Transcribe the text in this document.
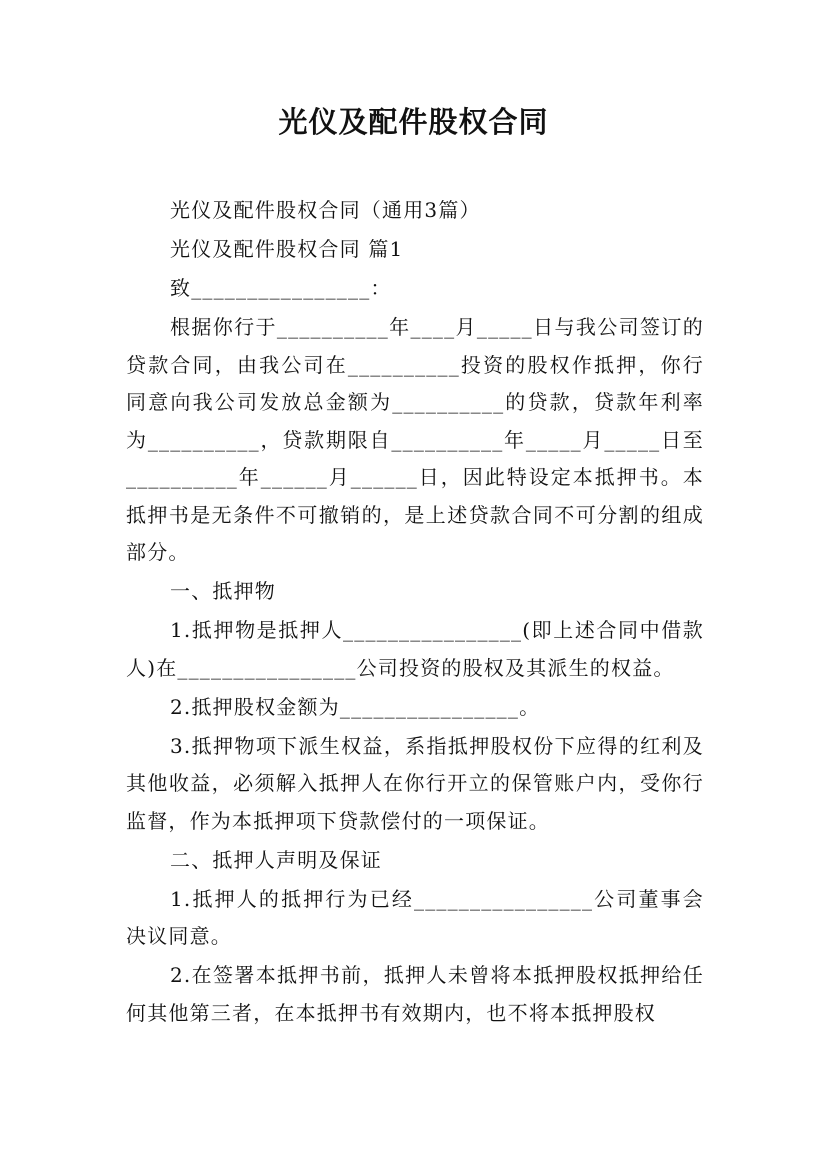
光仪及配件股权合同

光仪及配件股权合同（通用3篇）

光仪及配件股权合同 篇1

致________________：

根据你行于__________年____月_____日与我公司签订的贷款合同，由我公司在__________投资的股权作抵押，你行同意向我公司发放总金额为__________的贷款，贷款年利率为__________，贷款期限自__________年_____月_____日至__________年______月______日，因此特设定本抵押书。本抵押书是无条件不可撤销的，是上述贷款合同不可分割的组成部分。

一、抵押物

1.抵押物是抵押人________________(即上述合同中借款人)在________________公司投资的股权及其派生的权益。

2.抵押股权金额为________________。

3.抵押物项下派生权益，系指抵押股权份下应得的红利及其他收益，必须解入抵押人在你行开立的保管账户内，受你行监督，作为本抵押项下贷款偿付的一项保证。

二、抵押人声明及保证

1.抵押人的抵押行为已经________________公司董事会决议同意。

2.在签署本抵押书前，抵押人未曾将本抵押股权抵押给任何其他第三者，在本抵押书有效期内，也不将本抵押股权
